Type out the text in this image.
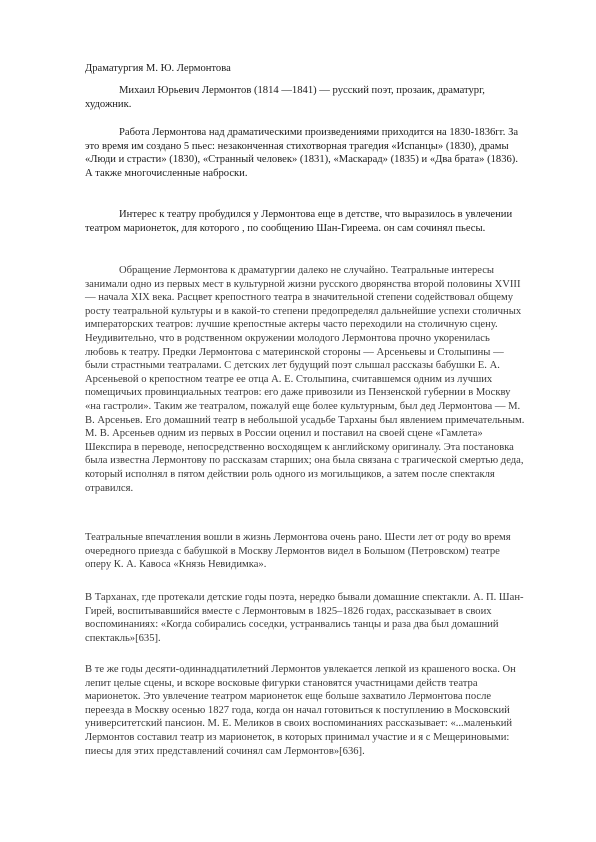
Драматургия М. Ю. Лермонтова

Михаил Юрьевич Лермонтов (1814 —1841) — русский поэт, прозаик, драматург, художник.

Работа Лермонтова над драматическими произведениями приходится на 1830-1836гг. За это время им создано 5 пьес: незаконченная стихотворная трагедия «Испанцы» (1830), драмы «Люди и страсти» (1830), «Странный человек» (1831), «Маскарад» (1835) и «Два брата» (1836). А также многочисленные наброски.

Интерес к театру пробудился у Лермонтова еще в детстве, что выразилось в увлечении театром марионеток, для которого , по сообщению Шан-Гиреема. он сам сочинял пьесы.

Обращение Лермонтова к драматургии далеко не случайно. Театральные интересы занимали одно из первых мест в культурной жизни русского дворянства второй половины XVIII — начала XIX века. Расцвет крепостного театра в значительной степени содействовал общему росту театральной культуры и в какой-то степени предопределял дальнейшие успехи столичных императорских театров: лучшие крепостные актеры часто переходили на столичную сцену. Неудивительно, что в родственном окружении молодого Лермонтова прочно укоренилась любовь к театру. Предки Лермонтова с материнской стороны — Арсеньевы и Столыпины — были страстными театралами. С детских лет будущий поэт слышал рассказы бабушки Е. А. Арсеньевой о крепостном театре ее отца А. Е. Столыпина, считавшемся одним из лучших помещичьих провинциальных театров: его даже привозили из Пензенской губернии в Москву «на гастроли». Таким же театралом, пожалуй еще более культурным, был дед Лермонтова — М. В. Арсеньев. Его домашний театр в небольшой усадьбе Тарханы был явлением примечательным. М. В. Арсеньев одним из первых в России оценил и поставил на своей сцене «Гамлета» Шекспира в переводе, непосредственно восходящем к английскому оригиналу. Эта постановка была известна Лермонтову по рассказам старших; она была связана с трагической смертью деда, который исполнял в пятом действии роль одного из могильщиков, а затем после спектакля отравился.

Театральные впечатления вошли в жизнь Лермонтова очень рано. Шести лет от роду во время очередного приезда с бабушкой в Москву Лермонтов видел в Большом (Петровском) театре оперу К. А. Кавоса «Князь Невидимка».

В Тарханах, где протекали детские годы поэта, нередко бывали домашние спектакли. А. П. Шан-Гирей, воспитывавшийся вместе с Лермонтовым в 1825–1826 годах, рассказывает в своих воспоминаниях: «Когда собирались соседки, устранвались танцы и раза два был домашний спектакль»[635].

В те же годы десяти-одиннадцатилетний Лермонтов увлекается лепкой из крашеного воска. Он лепит целые сцены, и вскоре восковые фигурки становятся участницами действ театра марионеток. Это увлечение театром марионеток еще больше захватило Лермонтова после переезда в Москву осенью 1827 года, когда он начал готовиться к поступлению в Московский университетский пансион. М. Е. Меликов в своих воспоминаниях рассказывает: «...маленький Лермонтов составил театр из марионеток, в которых принимал участие и я с Мещериновыми: пиесы для этих представлений сочинял сам Лермонтов»[636].
